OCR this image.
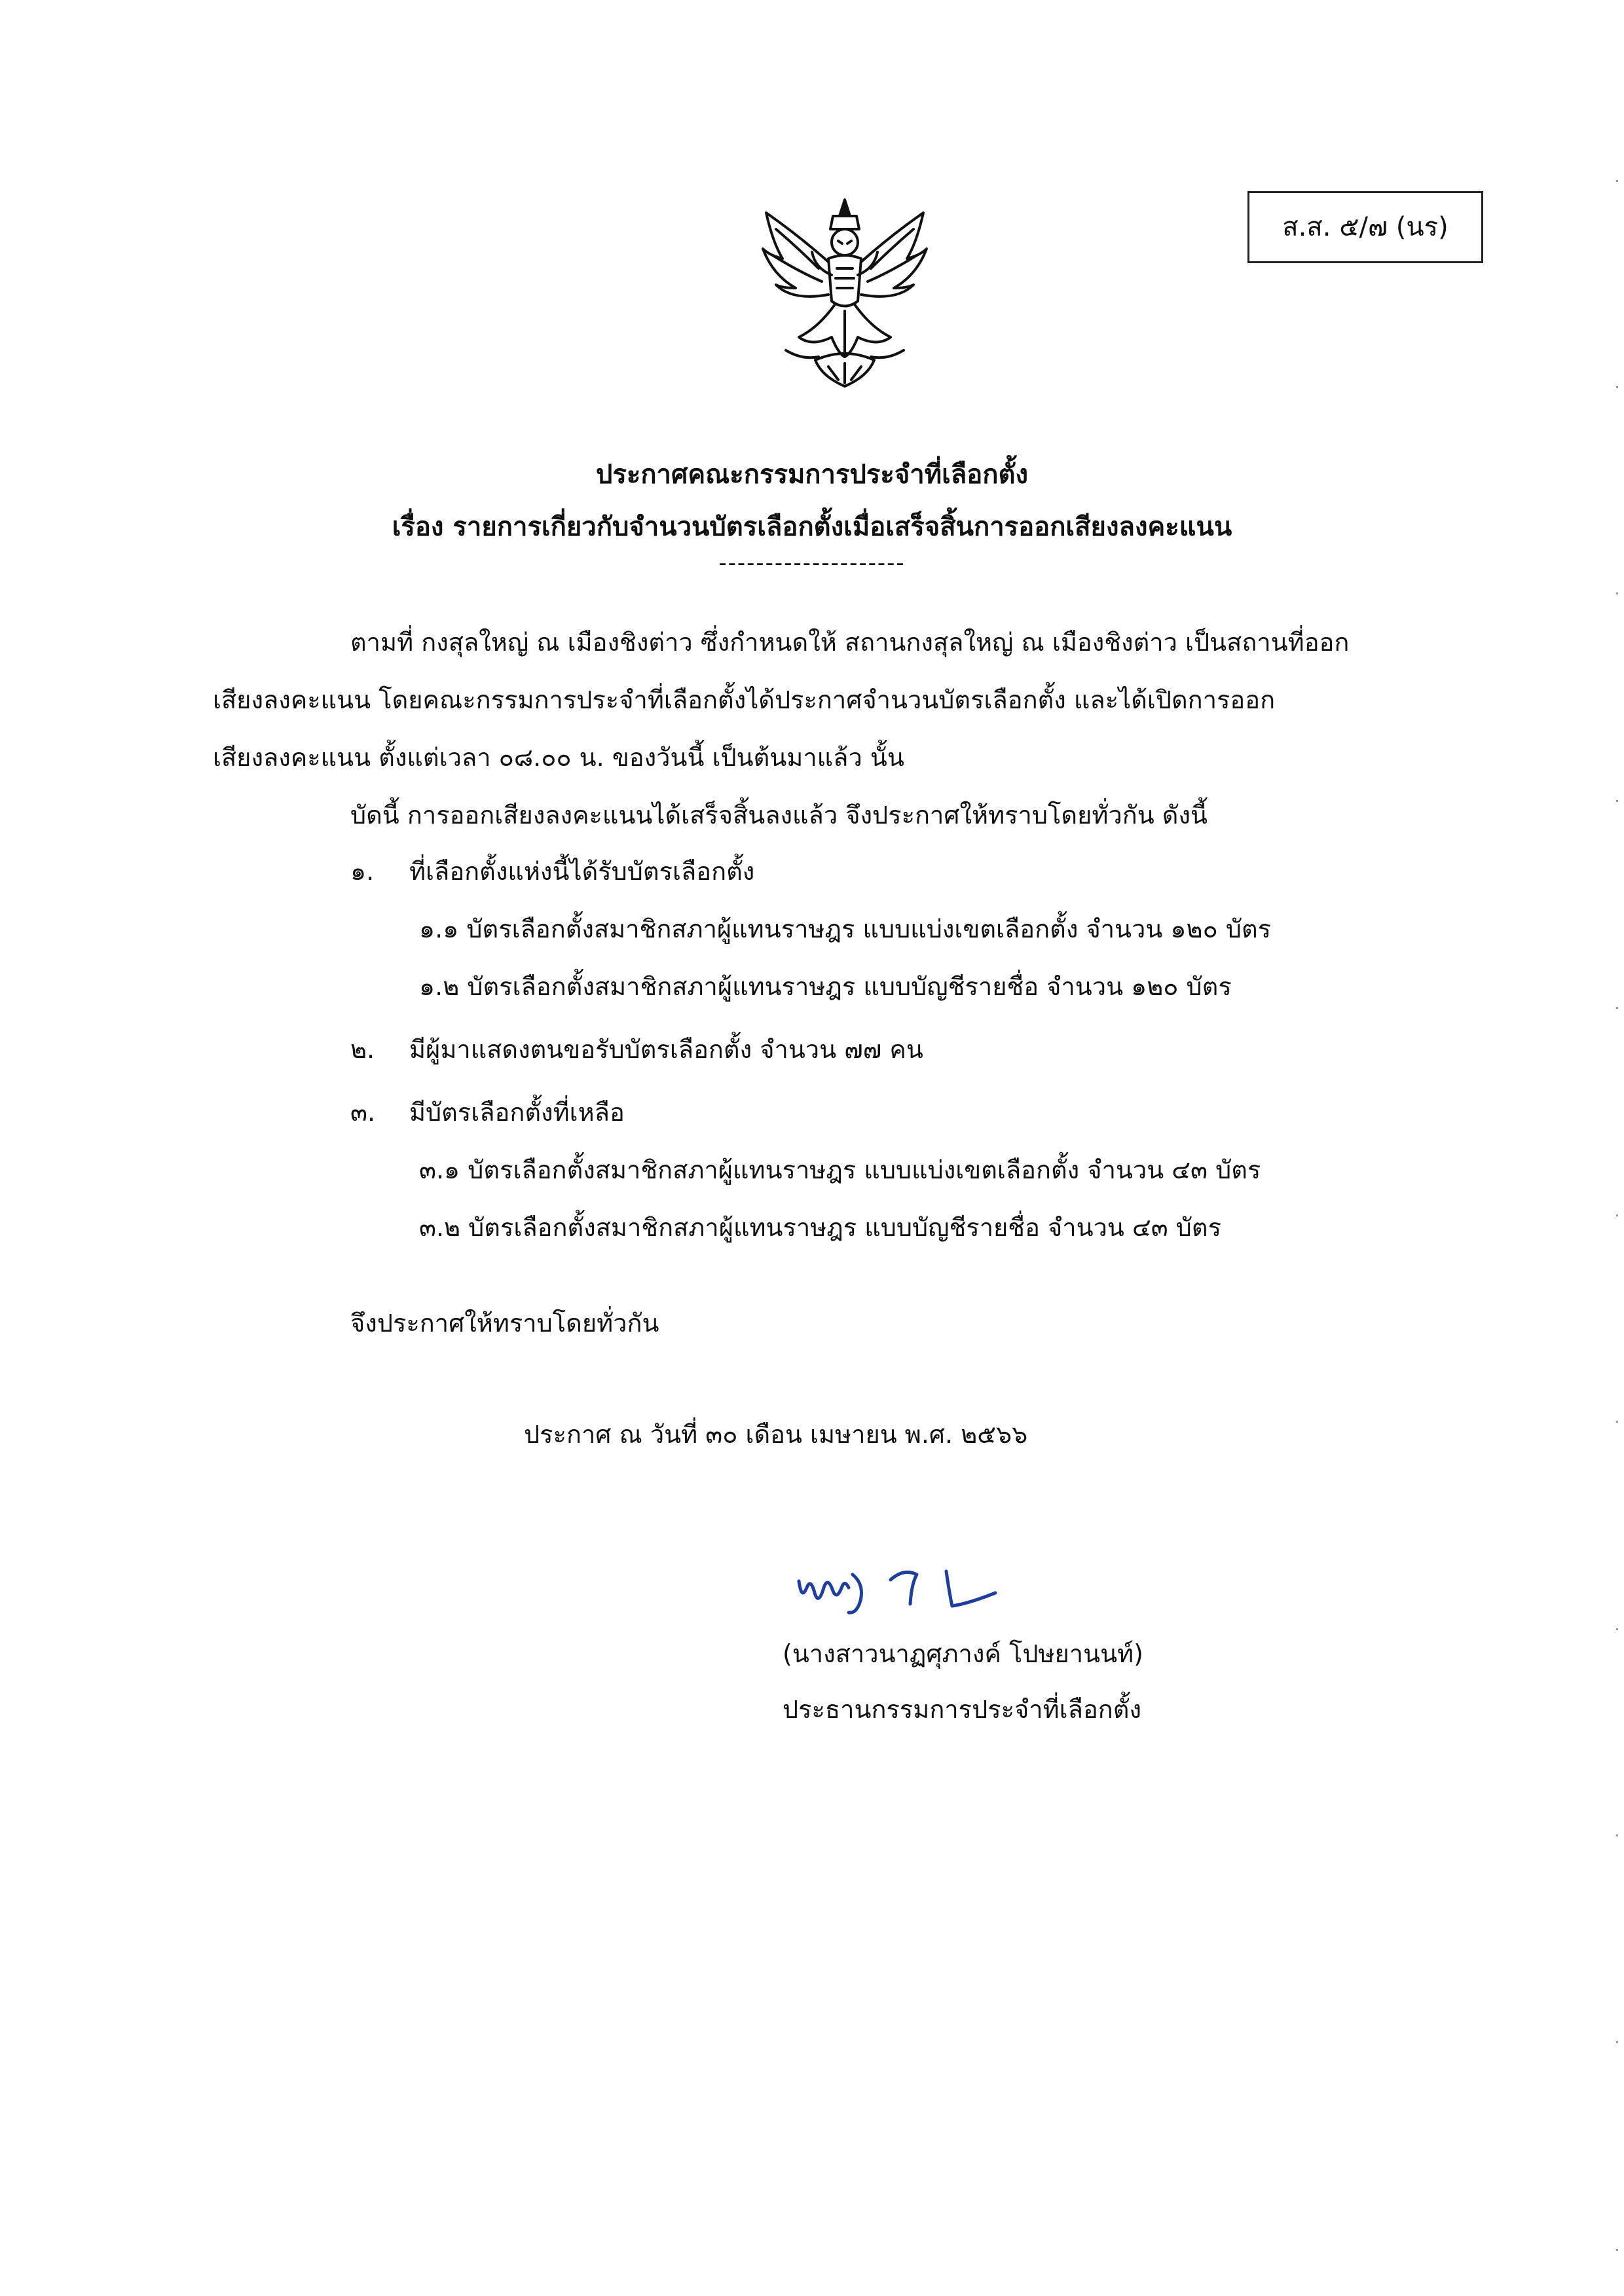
ส.ส. ๕/๗ (นร)
ประกาศคณะกรรมการประจำที่เลือกตั้ง
เรื่อง รายการเกี่ยวกับจำนวนบัตรเลือกตั้งเมื่อเสร็จสิ้นการออกเสียงลงคะแนน
--------------------
ตามที่ กงสุลใหญ่ ณ เมืองชิงต่าว ซึ่งกำหนดให้ สถานกงสุลใหญ่ ณ เมืองชิงต่าว เป็นสถานที่ออก
เสียงลงคะแนน โดยคณะกรรมการประจำที่เลือกตั้งได้ประกาศจำนวนบัตรเลือกตั้ง และได้เปิดการออก
เสียงลงคะแนน ตั้งแต่เวลา ๐๘.๐๐ น. ของวันนี้ เป็นต้นมาแล้ว นั้น
บัดนี้ การออกเสียงลงคะแนนได้เสร็จสิ้นลงแล้ว จึงประกาศให้ทราบโดยทั่วกัน ดังนี้
๑. ที่เลือกตั้งแห่งนี้ได้รับบัตรเลือกตั้ง
๑.๑ บัตรเลือกตั้งสมาชิกสภาผู้แทนราษฎร แบบแบ่งเขตเลือกตั้ง จำนวน ๑๒๐ บัตร
๑.๒ บัตรเลือกตั้งสมาชิกสภาผู้แทนราษฎร แบบบัญชีรายชื่อ จำนวน ๑๒๐ บัตร
๒. มีผู้มาแสดงตนขอรับบัตรเลือกตั้ง จำนวน ๗๗ คน
๓. มีบัตรเลือกตั้งที่เหลือ
๓.๑ บัตรเลือกตั้งสมาชิกสภาผู้แทนราษฎร แบบแบ่งเขตเลือกตั้ง จำนวน ๔๓ บัตร
๓.๒ บัตรเลือกตั้งสมาชิกสภาผู้แทนราษฎร แบบบัญชีรายชื่อ จำนวน ๔๓ บัตร
จึงประกาศให้ทราบโดยทั่วกัน
ประกาศ ณ วันที่ ๓๐ เดือน เมษายน พ.ศ. ๒๕๖๖
(นางสาวนาฏศุภางค์ โปษยานนท์)
ประธานกรรมการประจำที่เลือกตั้ง
